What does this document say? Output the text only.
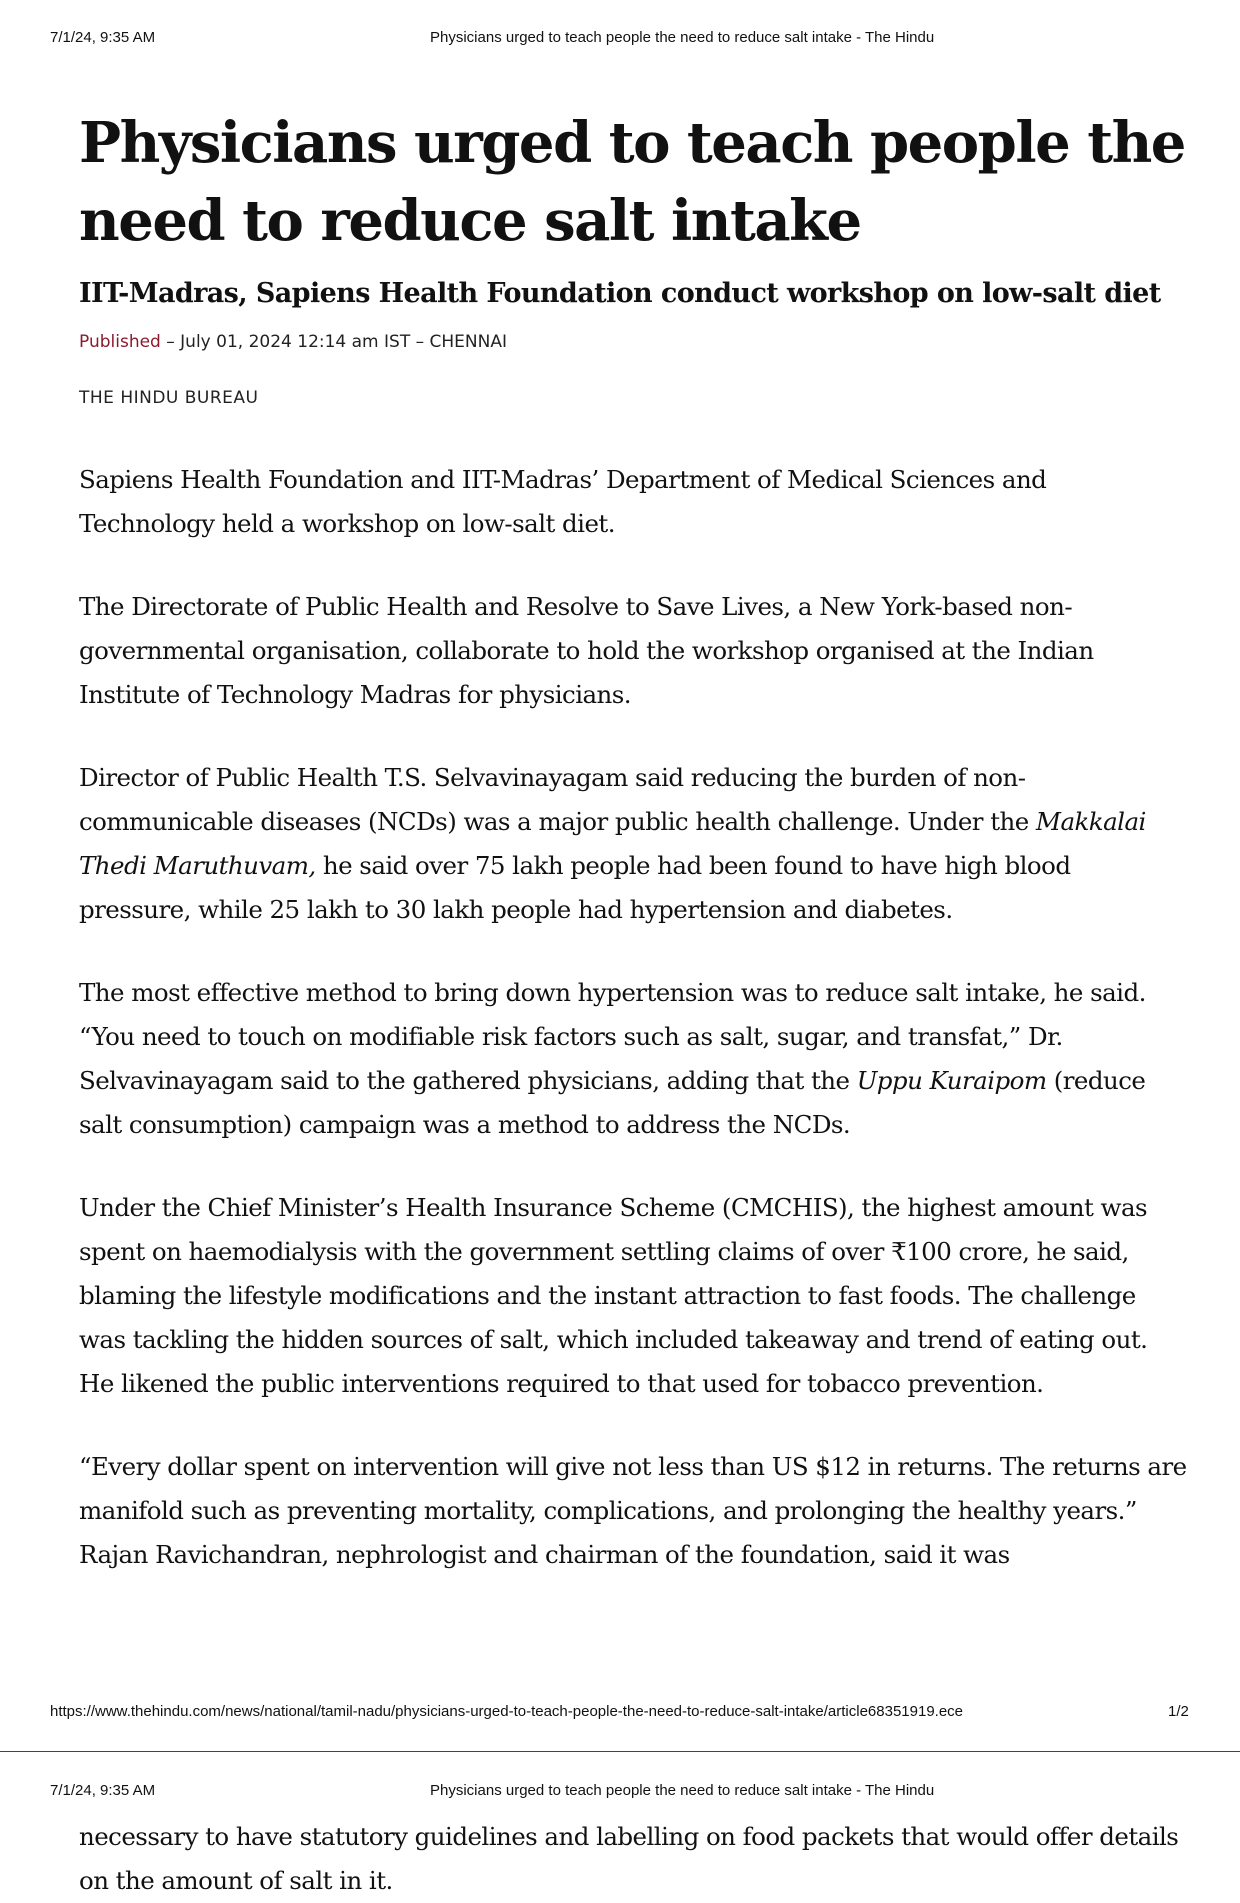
7/1/24, 9:35 AM	Physicians urged to teach people the need to reduce salt intake - The Hindu
Physicians urged to teach people the need to reduce salt intake
IIT-Madras, Sapiens Health Foundation conduct workshop on low-salt diet
Published – July 01, 2024 12:14 am IST – CHENNAI
THE HINDU BUREAU

Sapiens Health Foundation and IIT-Madras’ Department of Medical Sciences and Technology held a workshop on low-salt diet.

The Directorate of Public Health and Resolve to Save Lives, a New York-based non-governmental organisation, collaborate to hold the workshop organised at the Indian Institute of Technology Madras for physicians.

Director of Public Health T.S. Selvavinayagam said reducing the burden of non-communicable diseases (NCDs) was a major public health challenge. Under the Makkalai Thedi Maruthuvam, he said over 75 lakh people had been found to have high blood pressure, while 25 lakh to 30 lakh people had hypertension and diabetes.

The most effective method to bring down hypertension was to reduce salt intake, he said. “You need to touch on modifiable risk factors such as salt, sugar, and transfat,” Dr. Selvavinayagam said to the gathered physicians, adding that the Uppu Kuraipom (reduce salt consumption) campaign was a method to address the NCDs.

Under the Chief Minister’s Health Insurance Scheme (CMCHIS), the highest amount was spent on haemodialysis with the government settling claims of over ₹100 crore, he said, blaming the lifestyle modifications and the instant attraction to fast foods. The challenge was tackling the hidden sources of salt, which included takeaway and trend of eating out. He likened the public interventions required to that used for tobacco prevention.

“Every dollar spent on intervention will give not less than US $12 in returns. The returns are manifold such as preventing mortality, complications, and prolonging the healthy years.” Rajan Ravichandran, nephrologist and chairman of the foundation, said it was

https://www.thehindu.com/news/national/tamil-nadu/physicians-urged-to-teach-people-the-need-to-reduce-salt-intake/article68351919.ece	1/2
7/1/24, 9:35 AM	Physicians urged to teach people the need to reduce salt intake - The Hindu

necessary to have statutory guidelines and labelling on food packets that would offer details on the amount of salt in it.
